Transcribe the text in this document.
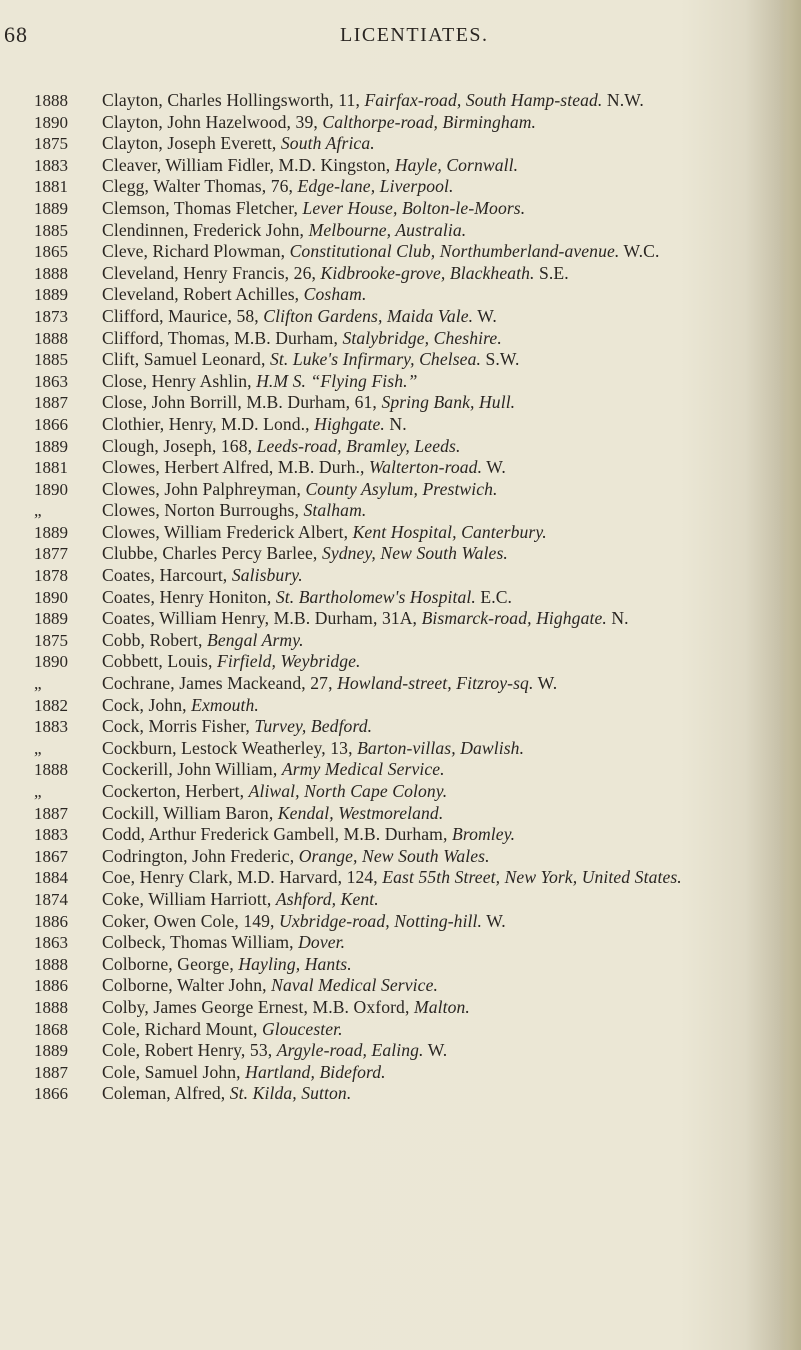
68	LICENTIATES.
1888	Clayton, Charles Hollingsworth, 11, Fairfax-road, South Hamp-stead. N.W.
1890	Clayton, John Hazelwood, 39, Calthorpe-road, Birmingham.
1875	Clayton, Joseph Everett, South Africa.
1883	Cleaver, William Fidler, M.D. Kingston, Hayle, Cornwall.
1881	Clegg, Walter Thomas, 76, Edge-lane, Liverpool.
1889	Clemson, Thomas Fletcher, Lever House, Bolton-le-Moors.
1885	Clendinnen, Frederick John, Melbourne, Australia.
1865	Cleve, Richard Plowman, Constitutional Club, Northumberland-avenue. W.C.
1888	Cleveland, Henry Francis, 26, Kidbrooke-grove, Blackheath. S.E.
1889	Cleveland, Robert Achilles, Cosham.
1873	Clifford, Maurice, 58, Clifton Gardens, Maida Vale. W.
1888	Clifford, Thomas, M.B. Durham, Stalybridge, Cheshire.
1885	Clift, Samuel Leonard, St. Luke's Infirmary, Chelsea. S.W.
1863	Close, Henry Ashlin, H.M S. “Flying Fish.”
1887	Close, John Borrill, M.B. Durham, 61, Spring Bank, Hull.
1866	Clothier, Henry, M.D. Lond., Highgate. N.
1889	Clough, Joseph, 168, Leeds-road, Bramley, Leeds.
1881	Clowes, Herbert Alfred, M.B. Durh., Walterton-road. W.
1890	Clowes, John Palphreyman, County Asylum, Prestwich.
„	Clowes, Norton Burroughs, Stalham.
1889	Clowes, William Frederick Albert, Kent Hospital, Canterbury.
1877	Clubbe, Charles Percy Barlee, Sydney, New South Wales.
1878	Coates, Harcourt, Salisbury.
1890	Coates, Henry Honiton, St. Bartholomew's Hospital. E.C.
1889	Coates, William Henry, M.B. Durham, 31A, Bismarck-road, Highgate. N.
1875	Cobb, Robert, Bengal Army.
1890	Cobbett, Louis, Firfield, Weybridge.
„	Cochrane, James Mackeand, 27, Howland-street, Fitzroy-sq. W.
1882	Cock, John, Exmouth.
1883	Cock, Morris Fisher, Turvey, Bedford.
„	Cockburn, Lestock Weatherley, 13, Barton-villas, Dawlish.
1888	Cockerill, John William, Army Medical Service.
„	Cockerton, Herbert, Aliwal, North Cape Colony.
1887	Cockill, William Baron, Kendal, Westmoreland.
1883	Codd, Arthur Frederick Gambell, M.B. Durham, Bromley.
1867	Codrington, John Frederic, Orange, New South Wales.
1884	Coe, Henry Clark, M.D. Harvard, 124, East 55th Street, New York, United States.
1874	Coke, William Harriott, Ashford, Kent.
1886	Coker, Owen Cole, 149, Uxbridge-road, Notting-hill. W.
1863	Colbeck, Thomas William, Dover.
1888	Colborne, George, Hayling, Hants.
1886	Colborne, Walter John, Naval Medical Service.
1888	Colby, James George Ernest, M.B. Oxford, Malton.
1868	Cole, Richard Mount, Gloucester.
1889	Cole, Robert Henry, 53, Argyle-road, Ealing. W.
1887	Cole, Samuel John, Hartland, Bideford.
1866	Coleman, Alfred, St. Kilda, Sutton.
